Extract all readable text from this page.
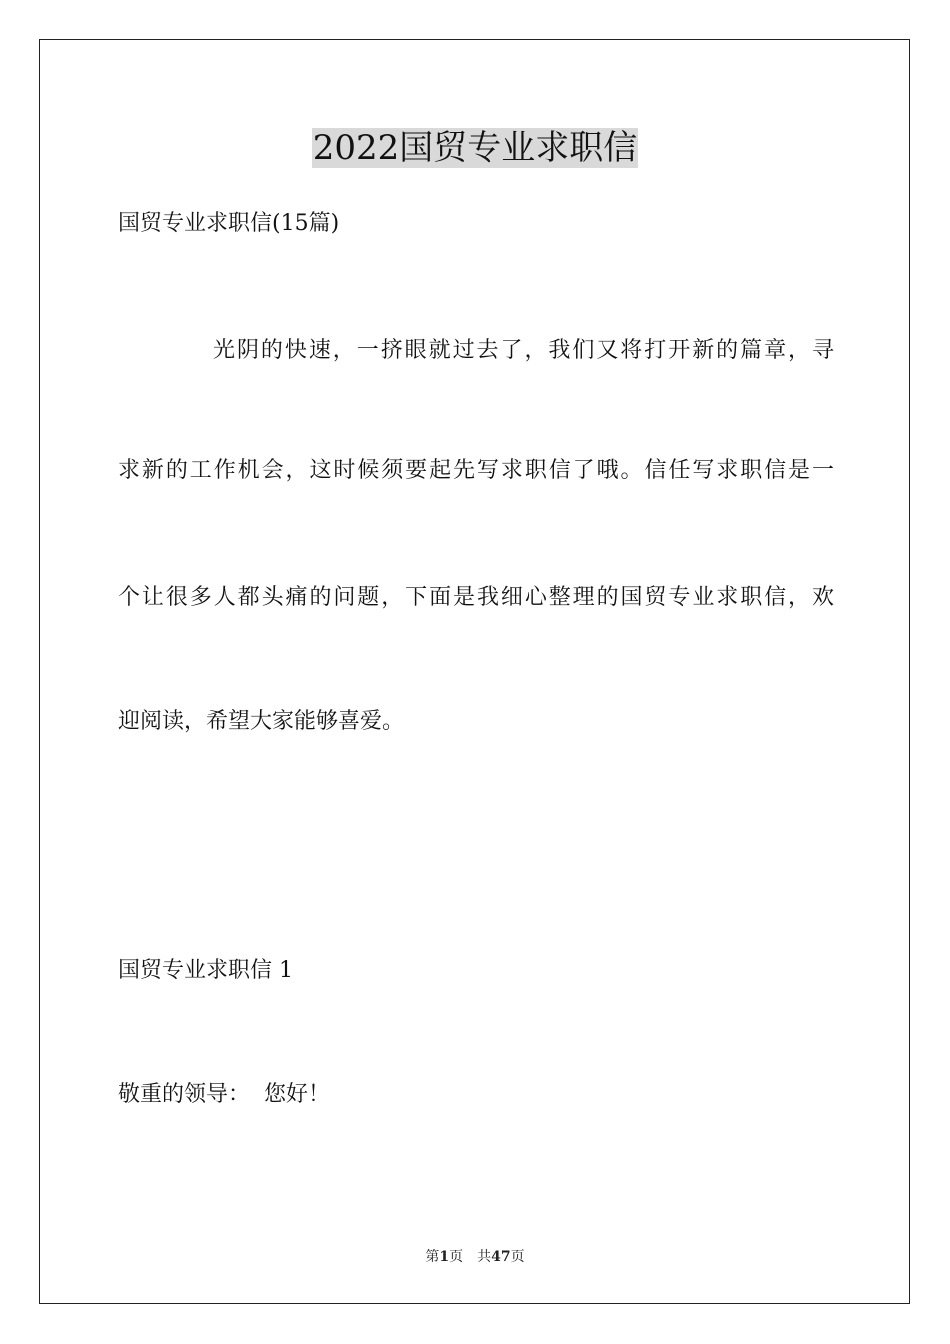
2022国贸专业求职信

国贸专业求职信(15篇)

光阴的快速，一挤眼就过去了，我们又将打开新的篇章，寻

求新的工作机会，这时候须要起先写求职信了哦。信任写求职信是一

个让很多人都头痛的问题，下面是我细心整理的国贸专业求职信，欢

迎阅读，希望大家能够喜爱。

国贸专业求职信 1

敬重的领导：  您好！

第1页 共47页
